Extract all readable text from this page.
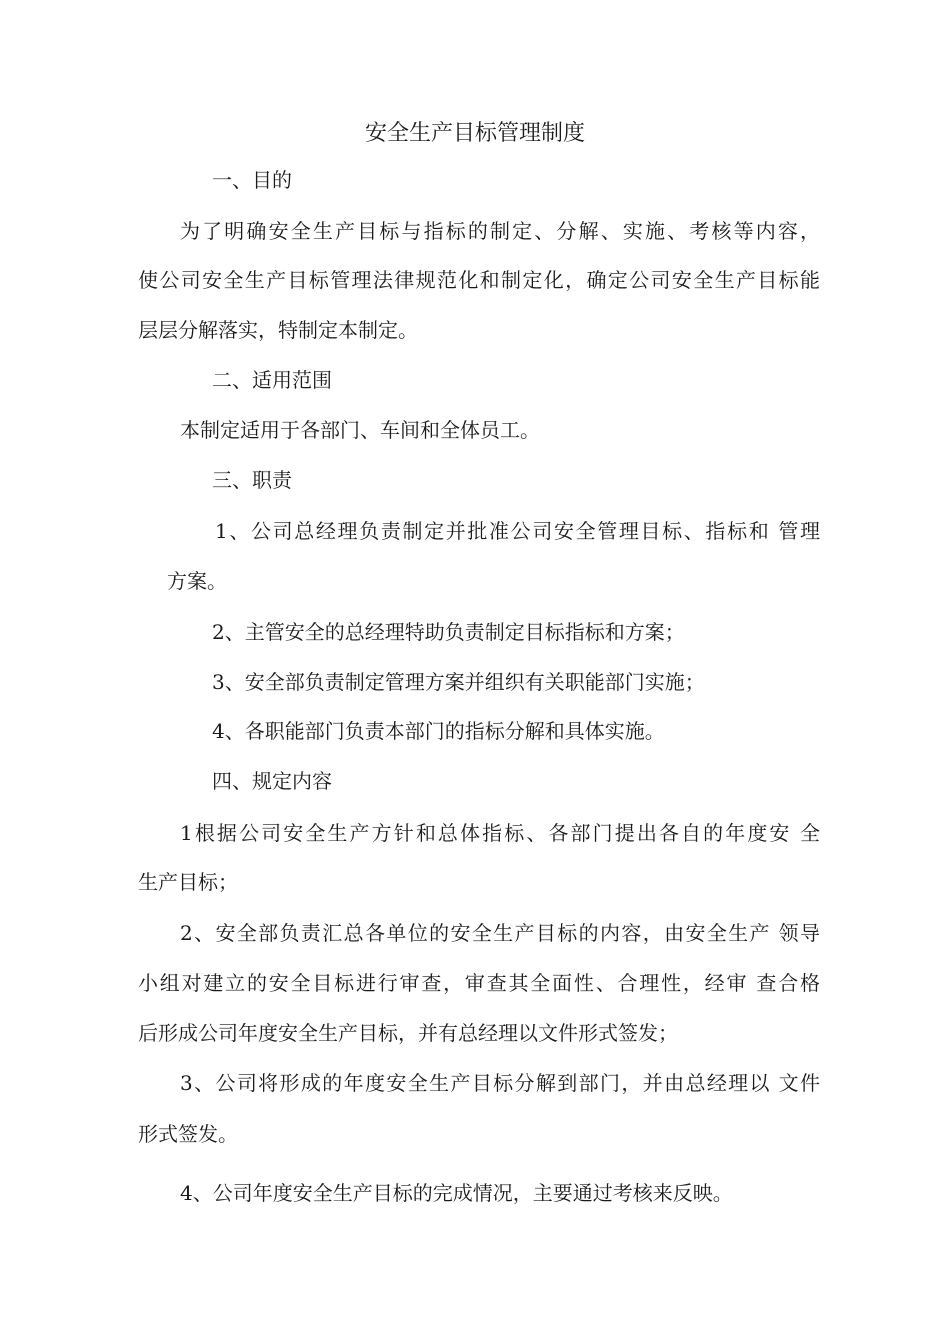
安全生产目标管理制度
一、目的
为了明确安全生产目标与指标的制定、分解、实施、考核等内容，
使公司安全生产目标管理法律规范化和制定化，确定公司安全生产目标能
层层分解落实，特制定本制定。
二、适用范围
本制定适用于各部门、车间和全体员工。
三、职责
1、公司总经理负责制定并批准公司安全管理目标、指标和 管理
方案。
2、主管安全的总经理特助负责制定目标指标和方案；
3、安全部负责制定管理方案并组织有关职能部门实施；
4、各职能部门负责本部门的指标分解和具体实施。
四、规定内容
1根据公司安全生产方针和总体指标、各部门提出各自的年度安 全
生产目标；
2、安全部负责汇总各单位的安全生产目标的内容，由安全生产 领导
小组对建立的安全目标进行审查，审查其全面性、合理性，经审 查合格
后形成公司年度安全生产目标，并有总经理以文件形式签发；
3、公司将形成的年度安全生产目标分解到部门，并由总经理以 文件
形式签发。
4、公司年度安全生产目标的完成情况，主要通过考核来反映。
